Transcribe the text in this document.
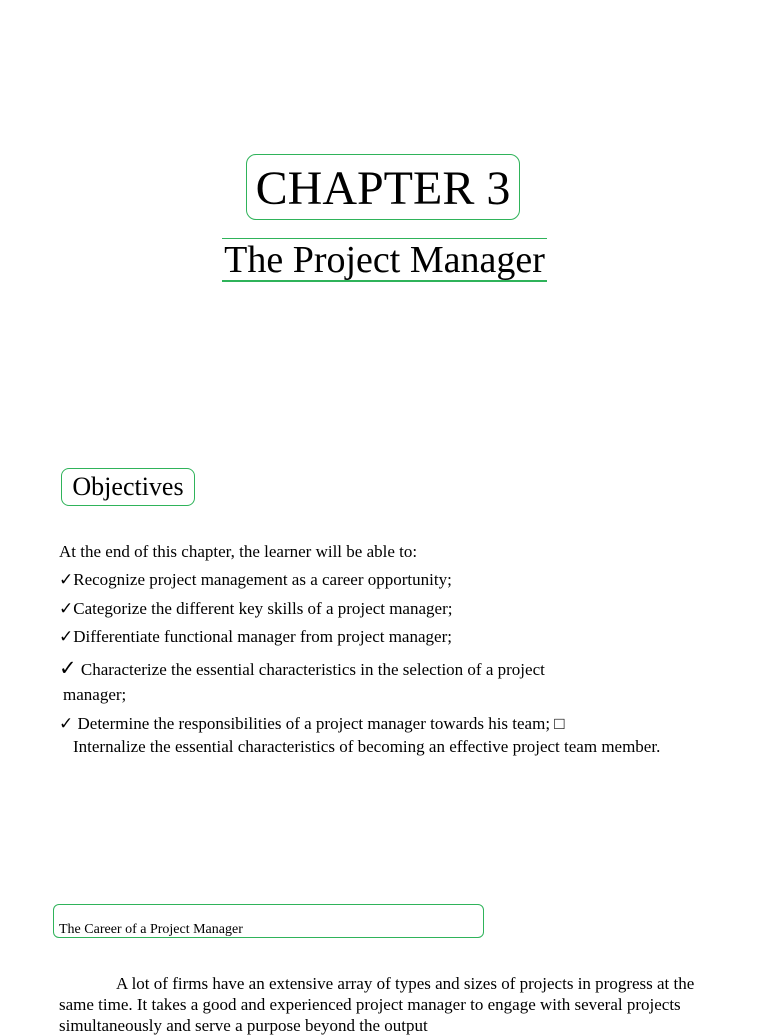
CHAPTER 3
The Project Manager
Objectives
At the end of this chapter, the learner will be able to:
✓Recognize project management as a career opportunity;
✓Categorize the different key skills of a project manager;
✓Differentiate functional manager from project manager;
✓ Characterize the essential characteristics in the selection of a project
manager;
✓ Determine the responsibilities of a project manager towards his team; □
Internalize the essential characteristics of becoming an effective project team member.
The Career of a Project Manager
A lot of firms have an extensive array of types and sizes of projects in progress at the same time. It takes a good and experienced project manager to engage with several projects simultaneously and serve a purpose beyond the output
